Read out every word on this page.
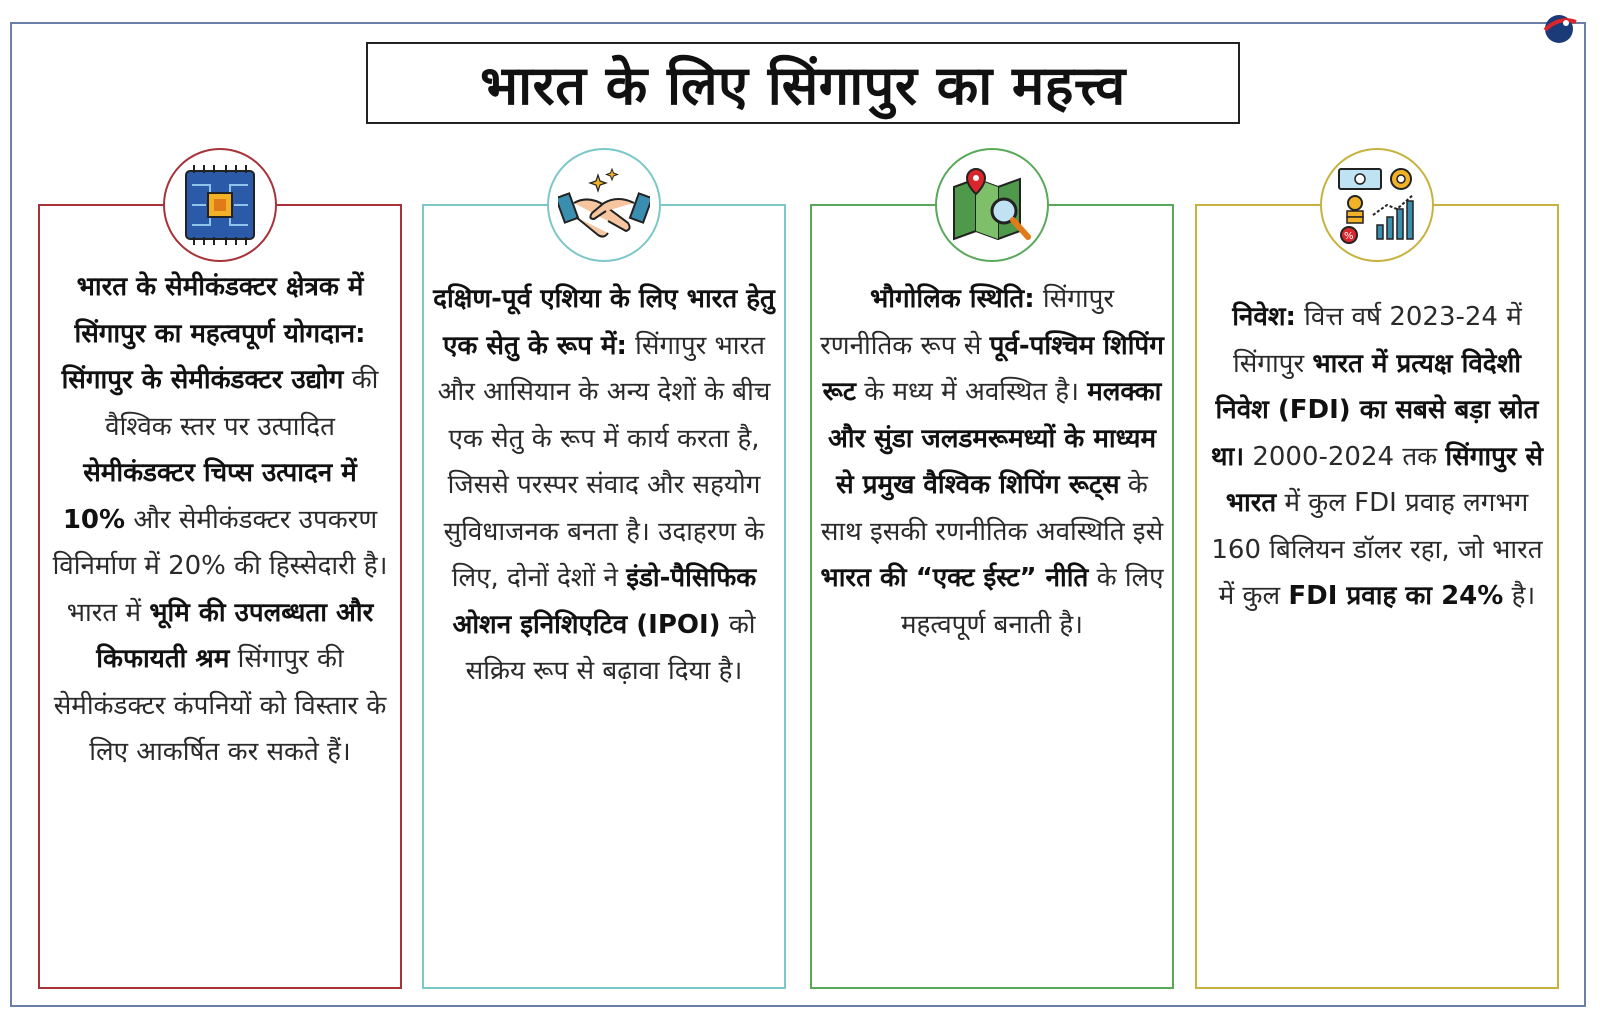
भारत के लिए सिंगापुर का महत्त्व

भारत के सेमीकंडक्टर क्षेत्रक में सिंगापुर का महत्वपूर्ण योगदान: सिंगापुर के सेमीकंडक्टर उद्योग की वैश्विक स्तर पर उत्पादित सेमीकंडक्टर चिप्स उत्पादन में 10% और सेमीकंडक्टर उपकरण विनिर्माण में 20% की हिस्सेदारी है। भारत में भूमि की उपलब्धता और किफायती श्रम सिंगापुर की सेमीकंडक्टर कंपनियों को विस्तार के लिए आकर्षित कर सकते हैं।

दक्षिण-पूर्व एशिया के लिए भारत हेतु एक सेतु के रूप में: सिंगापुर भारत और आसियान के अन्य देशों के बीच एक सेतु के रूप में कार्य करता है, जिससे परस्पर संवाद और सहयोग सुविधाजनक बनता है। उदाहरण के लिए, दोनों देशों ने इंडो-पैसिफिक ओशन इनिशिएटिव (IPOI) को सक्रिय रूप से बढ़ावा दिया है।

भौगोलिक स्थिति: सिंगापुर रणनीतिक रूप से पूर्व-पश्चिम शिपिंग रूट के मध्य में अवस्थित है। मलक्का और सुंडा जलडमरूमध्यों के माध्यम से प्रमुख वैश्विक शिपिंग रूट्स के साथ इसकी रणनीतिक अवस्थिति इसे भारत की “एक्ट ईस्ट” नीति के लिए महत्वपूर्ण बनाती है।

%

निवेश: वित्त वर्ष 2023-24 में सिंगापुर भारत में प्रत्यक्ष विदेशी निवेश (FDI) का सबसे बड़ा स्रोत था। 2000-2024 तक सिंगापुर से भारत में कुल FDI प्रवाह लगभग 160 बिलियन डॉलर रहा, जो भारत में कुल FDI प्रवाह का 24% है।
